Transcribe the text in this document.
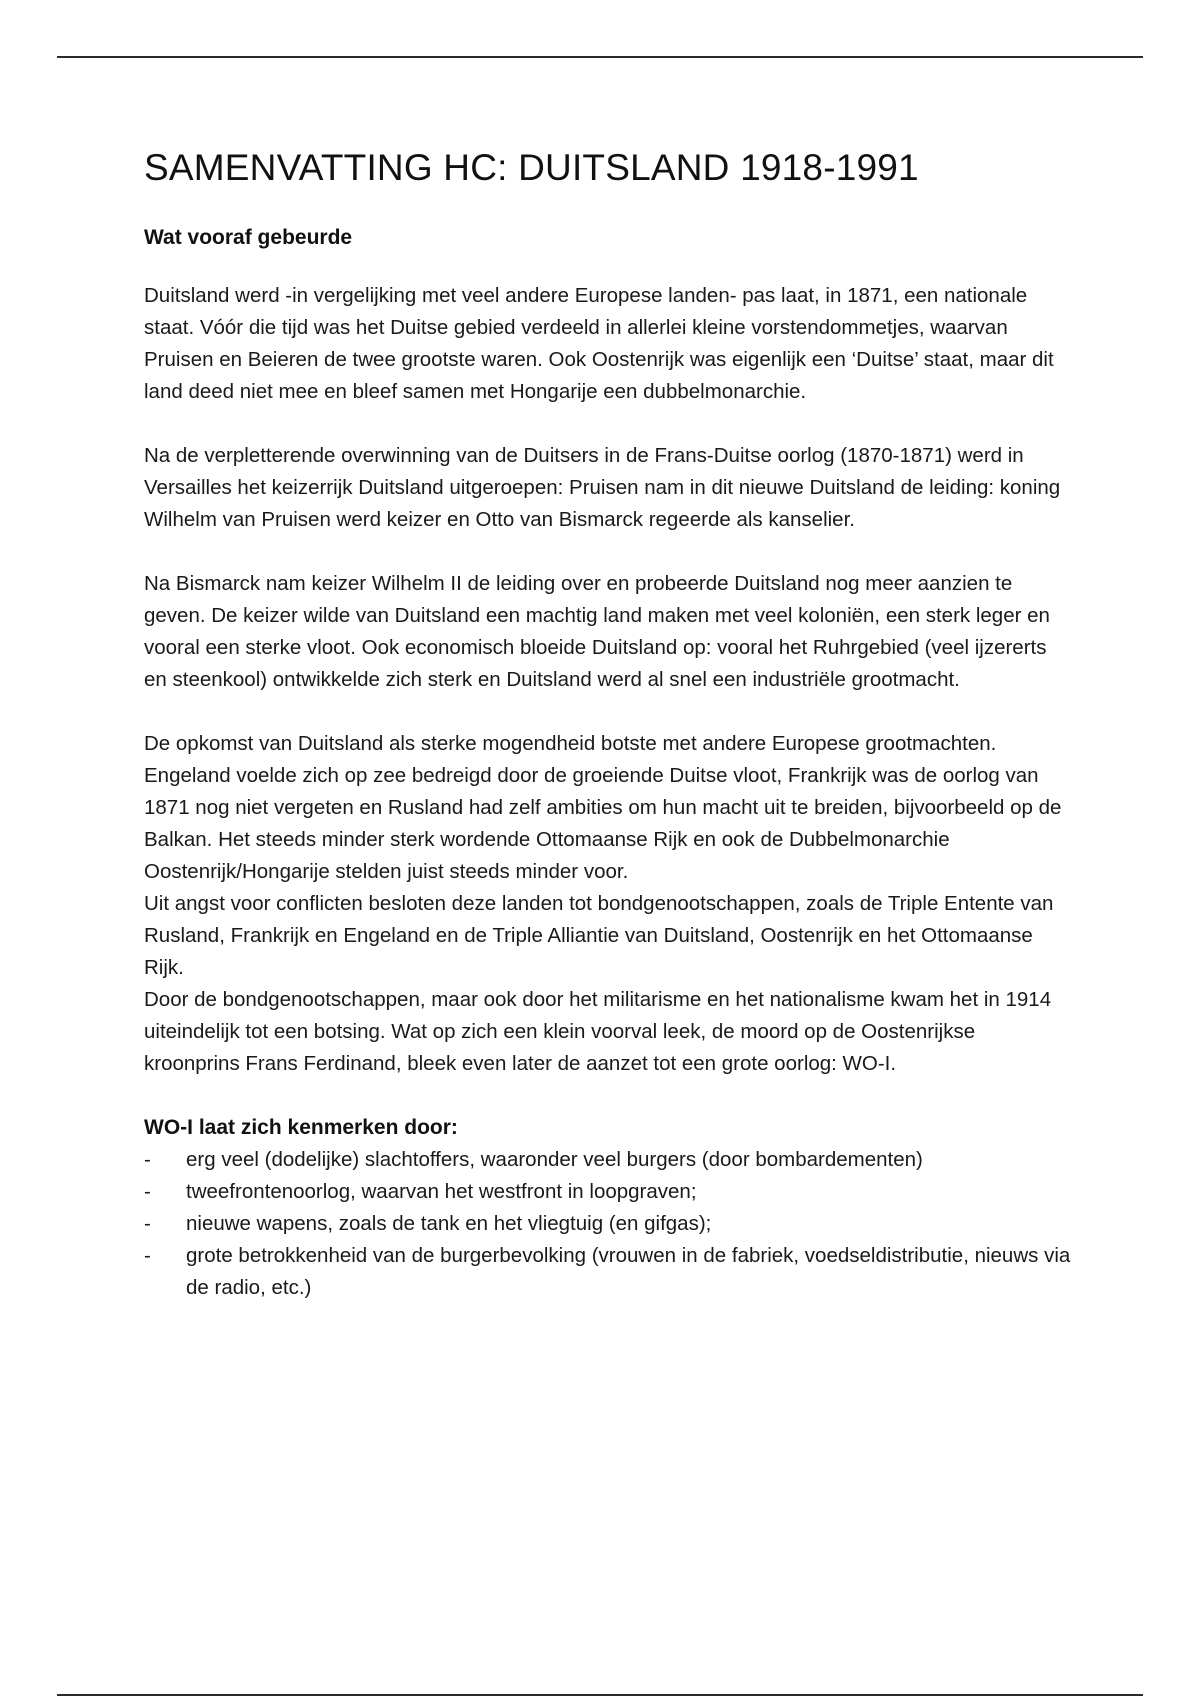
SAMENVATTING HC: DUITSLAND 1918-1991
Wat vooraf gebeurde

Duitsland werd -in vergelijking met veel andere Europese landen- pas laat, in 1871, een nationale staat. Vóór die tijd was het Duitse gebied verdeeld in allerlei kleine vorstendommetjes, waarvan Pruisen en Beieren de twee grootste waren. Ook Oostenrijk was eigenlijk een ‘Duitse’ staat, maar dit land deed niet mee en bleef samen met Hongarije een dubbelmonarchie.

Na de verpletterende overwinning van de Duitsers in de Frans-Duitse oorlog (1870-1871) werd in Versailles het keizerrijk Duitsland uitgeroepen: Pruisen nam in dit nieuwe Duitsland de leiding: koning Wilhelm van Pruisen werd keizer en Otto van Bismarck regeerde als kanselier.

Na Bismarck nam keizer Wilhelm II de leiding over en probeerde Duitsland nog meer aanzien te geven. De keizer wilde van Duitsland een machtig land maken met veel koloniën, een sterk leger en vooral een sterke vloot. Ook economisch bloeide Duitsland op: vooral het Ruhrgebied (veel ijzererts en steenkool) ontwikkelde zich sterk en Duitsland werd al snel een industriële grootmacht.

De opkomst van Duitsland als sterke mogendheid botste met andere Europese grootmachten. Engeland voelde zich op zee bedreigd door de groeiende Duitse vloot, Frankrijk was de oorlog van 1871 nog niet vergeten en Rusland had zelf ambities om hun macht uit te breiden, bijvoorbeeld op de Balkan. Het steeds minder sterk wordende Ottomaanse Rijk en ook de Dubbelmonarchie Oostenrijk/Hongarije stelden juist steeds minder voor.

Uit angst voor conflicten besloten deze landen tot bondgenootschappen, zoals de Triple Entente van Rusland, Frankrijk en Engeland en de Triple Alliantie van Duitsland, Oostenrijk en het Ottomaanse Rijk.

Door de bondgenootschappen, maar ook door het militarisme en het nationalisme kwam het in 1914 uiteindelijk tot een botsing. Wat op zich een klein voorval leek, de moord op de Oostenrijkse kroonprins Frans Ferdinand, bleek even later de aanzet tot een grote oorlog: WO-I.

WO-I laat zich kenmerken door:
- erg veel (dodelijke) slachtoffers, waaronder veel burgers (door bombardementen)
- tweefrontenoorlog, waarvan het westfront in loopgraven;
- nieuwe wapens, zoals de tank en het vliegtuig (en gifgas);
- grote betrokkenheid van de burgerbevolking (vrouwen in de fabriek, voedseldistributie, nieuws via de radio, etc.)
